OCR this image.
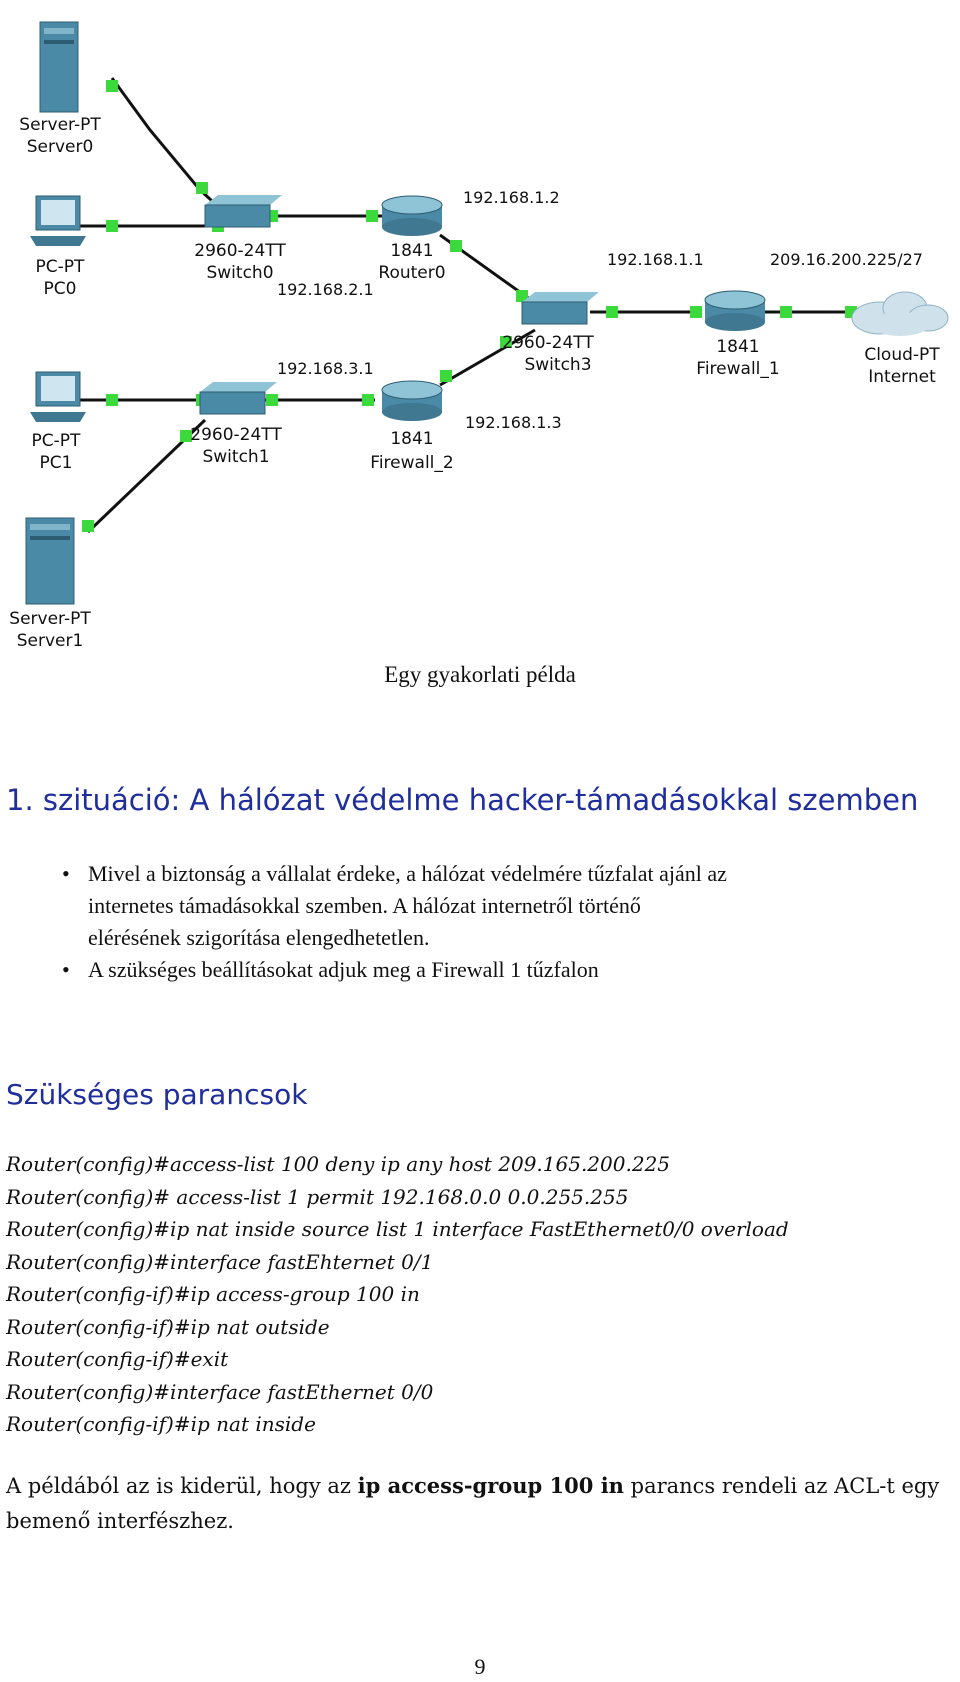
Server-PT
Server0
PC-PT
PC0
2960-24TT
Switch0
1841
Router0
2960-24TT
Switch3
1841
Firewall_1
Cloud-PT
Internet
PC-PT
PC1
2960-24TT
Switch1
1841
Firewall_2
Server-PT
Server1
192.168.1.2
192.168.2.1
192.168.1.1	209.16.200.225/27
192.168.3.1
192.168.1.3
Egy gyakorlati példa
1. szituáció: A hálózat védelme hacker-támadásokkal szemben
• Mivel a biztonság a vállalat érdeke, a hálózat védelmére tűzfalat ajánl az
internetes támadásokkal szemben. A hálózat internetről történő
elérésének szigorítása elengedhetetlen.
• A szükséges beállításokat adjuk meg a Firewall 1 tűzfalon
Szükséges parancsok
Router(config)#access-list 100 deny ip any host 209.165.200.225
Router(config)# access-list 1 permit 192.168.0.0 0.0.255.255
Router(config)#ip nat inside source list 1 interface FastEthernet0/0 overload
Router(config)#interface fastEhternet 0/1
Router(config-if)#ip access-group 100 in
Router(config-if)#ip nat outside
Router(config-if)#exit
Router(config)#interface fastEthernet 0/0
Router(config-if)#ip nat inside

A példából az is kiderül, hogy az ip access-group 100 in parancs rendeli az ACL-t egy bemenő interfészhez.

9
